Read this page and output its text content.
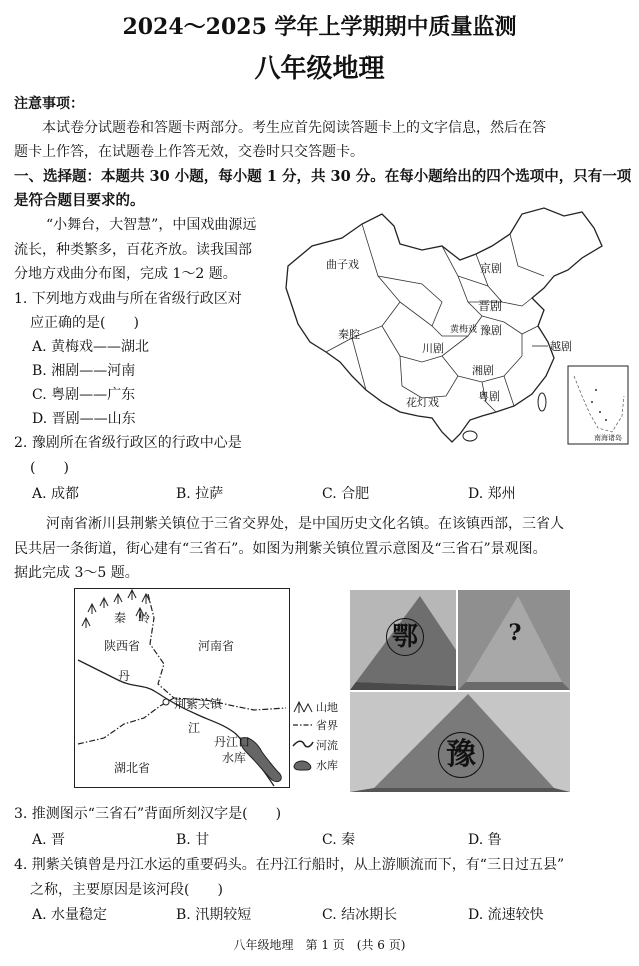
2024～2025 学年上学期期中质量监测
八年级地理
注意事项：
本试卷分试题卷和答题卡两部分。考生应首先阅读答题卡上的文字信息，然后在答
题卡上作答，在试题卷上作答无效，交卷时只交答题卡。
一、选择题：本题共 30 小题，每小题 1 分，共 30 分。在每小题给出的四个选项中，只有一项
是符合题目要求的。
“小舞台，大智慧”，中国戏曲源远
流长，种类繁多，百花齐放。读我国部
分地方戏曲分布图，完成 1～2 题。
1. 下列地方戏曲与所在省级行政区对
应正确的是(　　)
A. 黄梅戏——湖北
B. 湘剧——河南
C. 粤剧——广东
D. 晋剧——山东
2. 豫剧所在省级行政区的行政中心是
(　　)
A. 成都	B. 拉萨	C. 合肥	D. 郑州
南海诸岛
曲子戏	京剧
晋剧
豫剧
秦腔	黄梅戏
越剧
川剧
湘剧
花灯戏	粤剧
河南省淅川县荆紫关镇位于三省交界处，是中国历史文化名镇。在该镇西部，三省人
民共居一条街道，街心建有“三省石”。如图为荆紫关镇位置示意图及“三省石”景观图。
据此完成 3～5 题。
秦　岭
陕西省	河南省
丹
荆紫关镇
江
丹江口
水库
湖北省
山地
省界
河流
水库
鄂	?
豫
3. 推测图示“三省石”背面所刻汉字是(　　)
A. 晋	B. 甘	C. 秦	D. 鲁
4. 荆紫关镇曾是丹江水运的重要码头。在丹江行船时，从上游顺流而下，有“三日过五县”
之称，主要原因是该河段(　　)
A. 水量稳定	B. 汛期较短	C. 结冰期长	D. 流速较快
八年级地理　第 1 页　(共 6 页)
